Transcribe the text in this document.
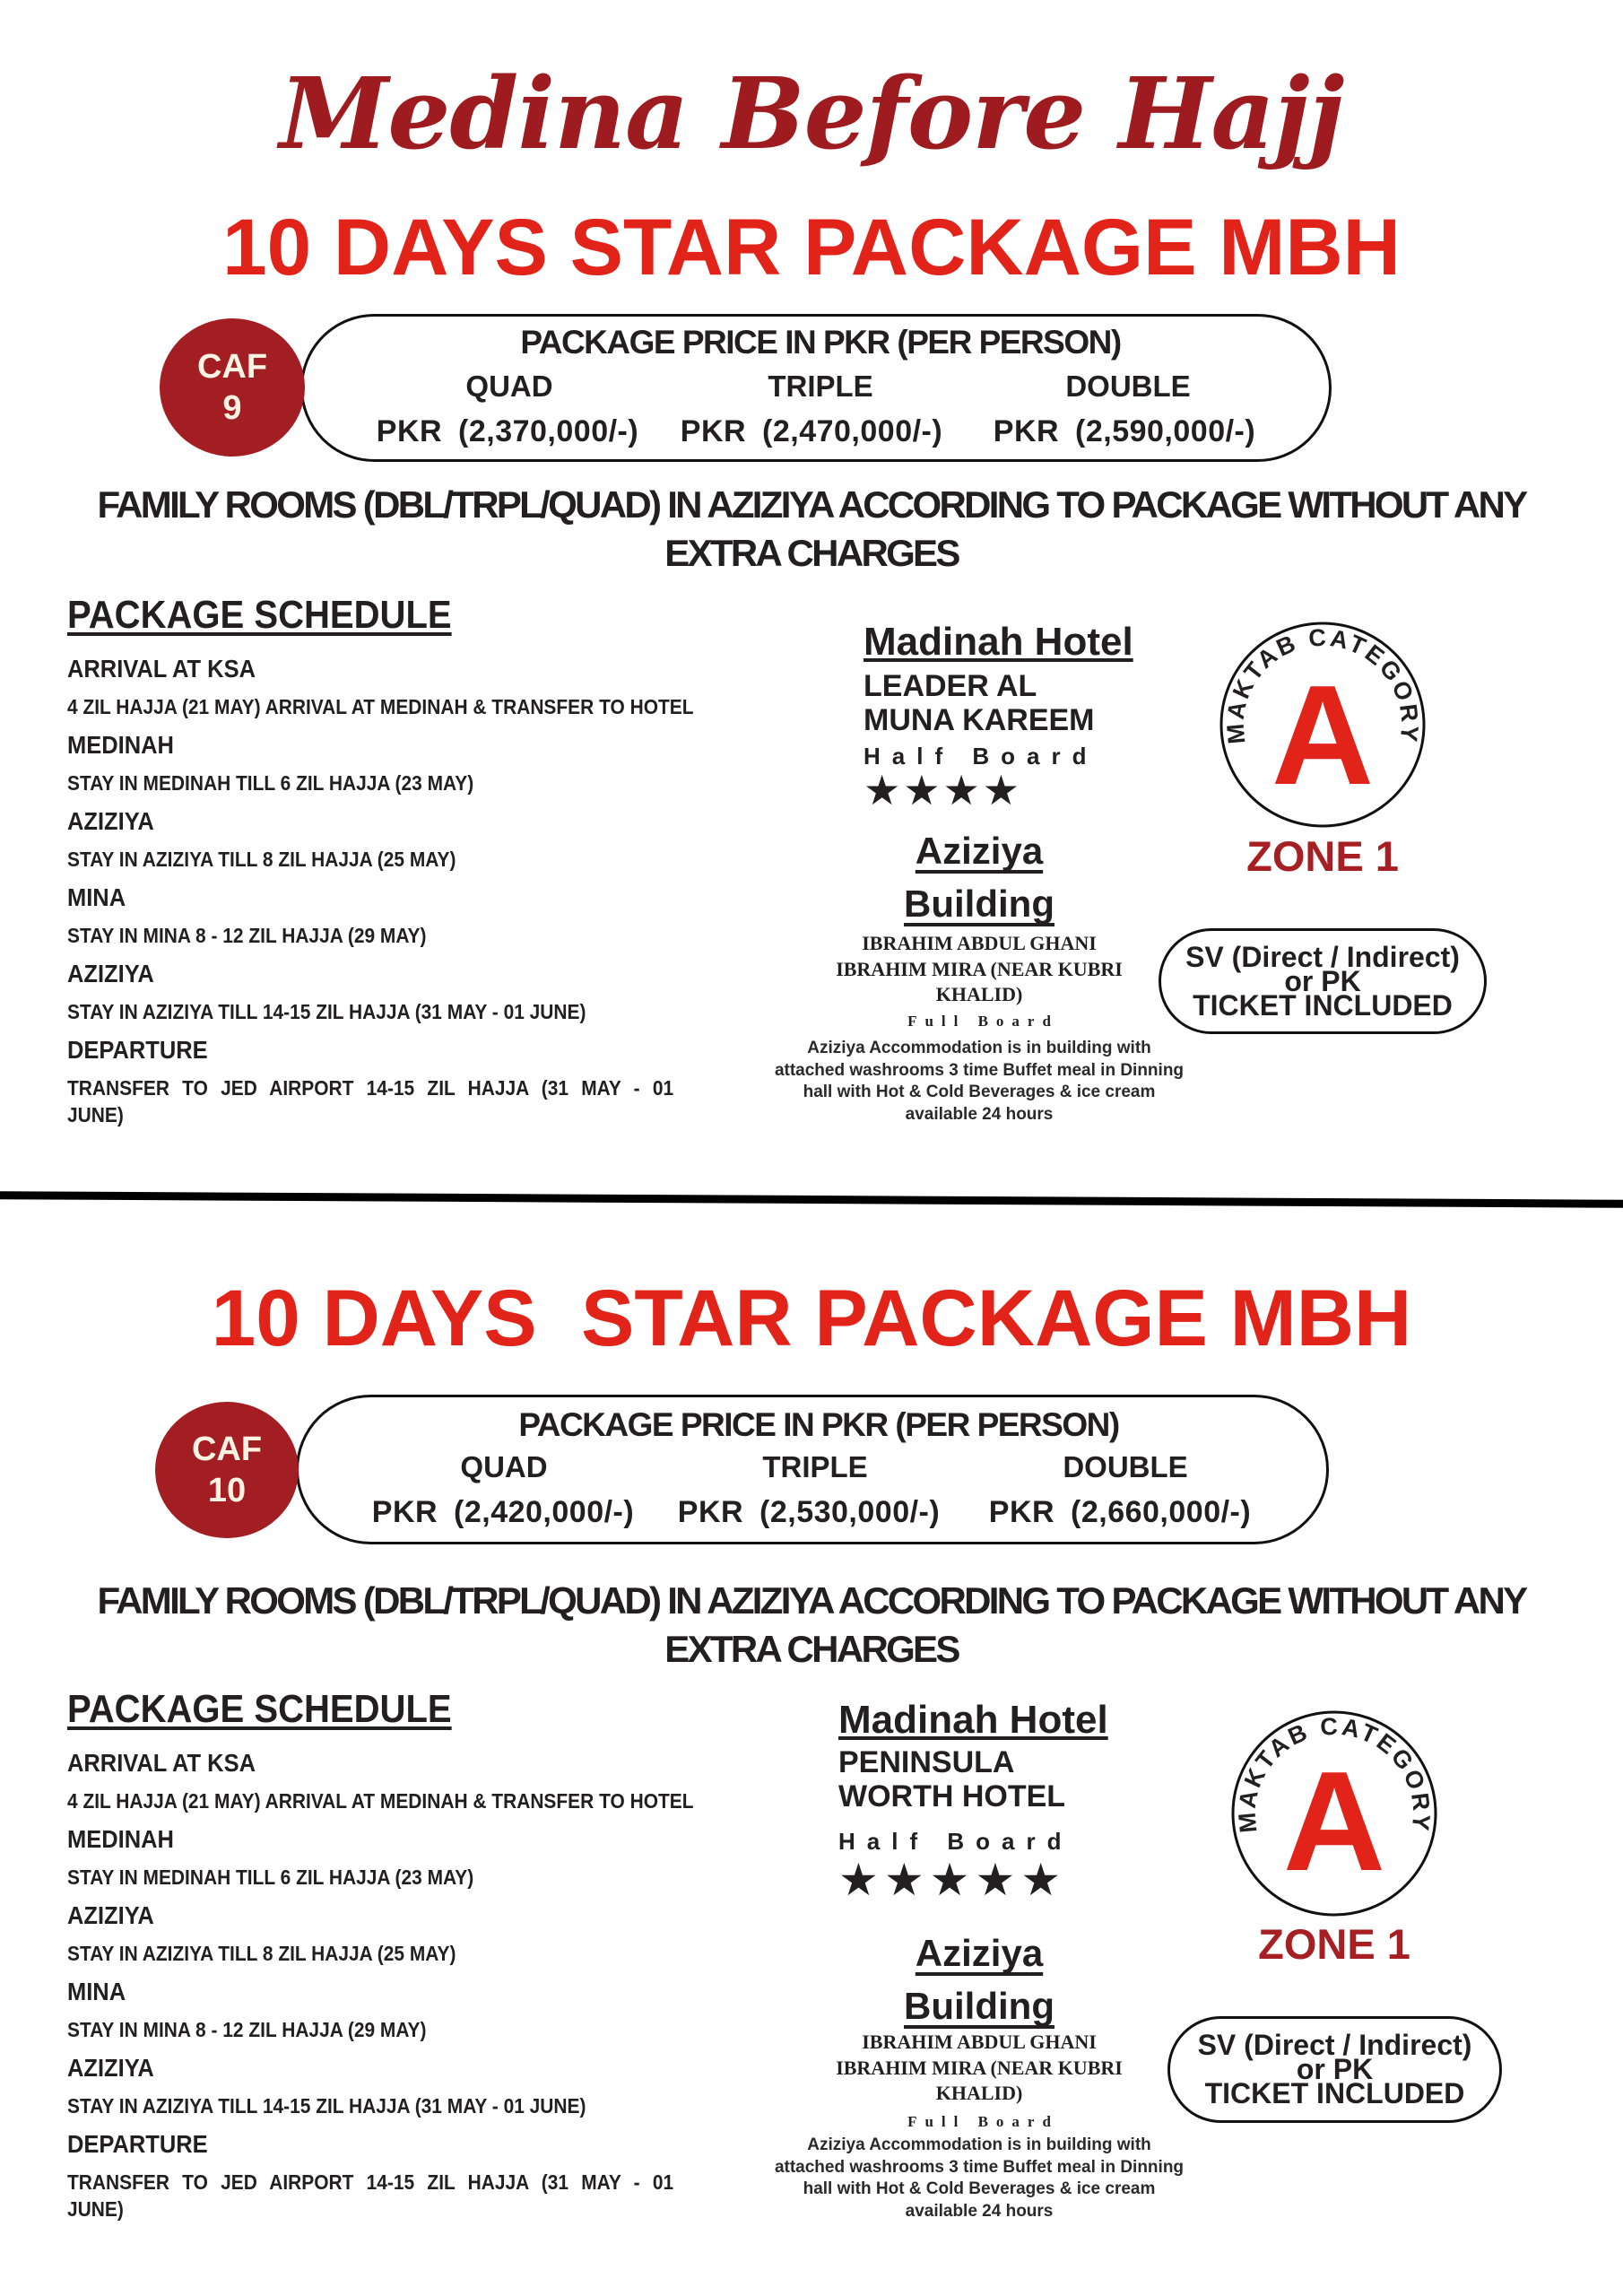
Medina Before Hajj
10 DAYS STAR PACKAGE MBH
CAF
9
PACKAGE PRICE IN PKR (PER PERSON)
QUAD	TRIPLE	DOUBLE
PKR (2,370,000/-)	PKR (2,470,000/-)	PKR (2,590,000/-)
FAMILY ROOMS (DBL/TRPL/QUAD) IN AZIZIYA ACCORDING TO PACKAGE WITHOUT ANY
EXTRA CHARGES
PACKAGE SCHEDULE
ARRIVAL AT KSA
4 ZIL HAJJA (21 MAY) ARRIVAL AT MEDINAH & TRANSFER TO HOTEL
MEDINAH
STAY IN MEDINAH TILL 6 ZIL HAJJA (23 MAY)
AZIZIYA
STAY IN AZIZIYA TILL 8 ZIL HAJJA (25 MAY)
MINA
STAY IN MINA 8 - 12 ZIL HAJJA (29 MAY)
AZIZIYA
STAY IN AZIZIYA TILL 14-15 ZIL HAJJA (31 MAY - 01 JUNE)
DEPARTURE
TRANSFER TO JED AIRPORT 14-15 ZIL HAJJA (31 MAY - 01
JUNE)
Madinah Hotel
LEADER AL
MUNA KAREEM
Half Board
★★★★
Aziziya
Building
IBRAHIM ABDUL GHANI
IBRAHIM MIRA (NEAR KUBRI
KHALID)
Full Board
Aziziya Accommodation is in building with
attached washrooms 3 time Buffet meal in Dinning
hall with Hot & Cold Beverages & ice cream
available 24 hours
MAKTAB CATEGORY
A
ZONE 1
SV (Direct / Indirect)
or PK
TICKET INCLUDED
10 DAYS  STAR PACKAGE MBH
CAF
10
PACKAGE PRICE IN PKR (PER PERSON)
QUAD	TRIPLE	DOUBLE
PKR (2,420,000/-)	PKR (2,530,000/-)	PKR (2,660,000/-)
FAMILY ROOMS (DBL/TRPL/QUAD) IN AZIZIYA ACCORDING TO PACKAGE WITHOUT ANY
EXTRA CHARGES
PACKAGE SCHEDULE
ARRIVAL AT KSA
4 ZIL HAJJA (21 MAY) ARRIVAL AT MEDINAH & TRANSFER TO HOTEL
MEDINAH
STAY IN MEDINAH TILL 6 ZIL HAJJA (23 MAY)
AZIZIYA
STAY IN AZIZIYA TILL 8 ZIL HAJJA (25 MAY)
MINA
STAY IN MINA 8 - 12 ZIL HAJJA (29 MAY)
AZIZIYA
STAY IN AZIZIYA TILL 14-15 ZIL HAJJA (31 MAY - 01 JUNE)
DEPARTURE
TRANSFER TO JED AIRPORT 14-15 ZIL HAJJA (31 MAY - 01
JUNE)
Madinah Hotel
PENINSULA
WORTH HOTEL
Half Board
★★★★★
Aziziya
Building
IBRAHIM ABDUL GHANI
IBRAHIM MIRA (NEAR KUBRI
KHALID)
Full Board
Aziziya Accommodation is in building with
attached washrooms 3 time Buffet meal in Dinning
hall with Hot & Cold Beverages & ice cream
available 24 hours
MAKTAB CATEGORY
A
ZONE 1
SV (Direct / Indirect)
or PK
TICKET INCLUDED
